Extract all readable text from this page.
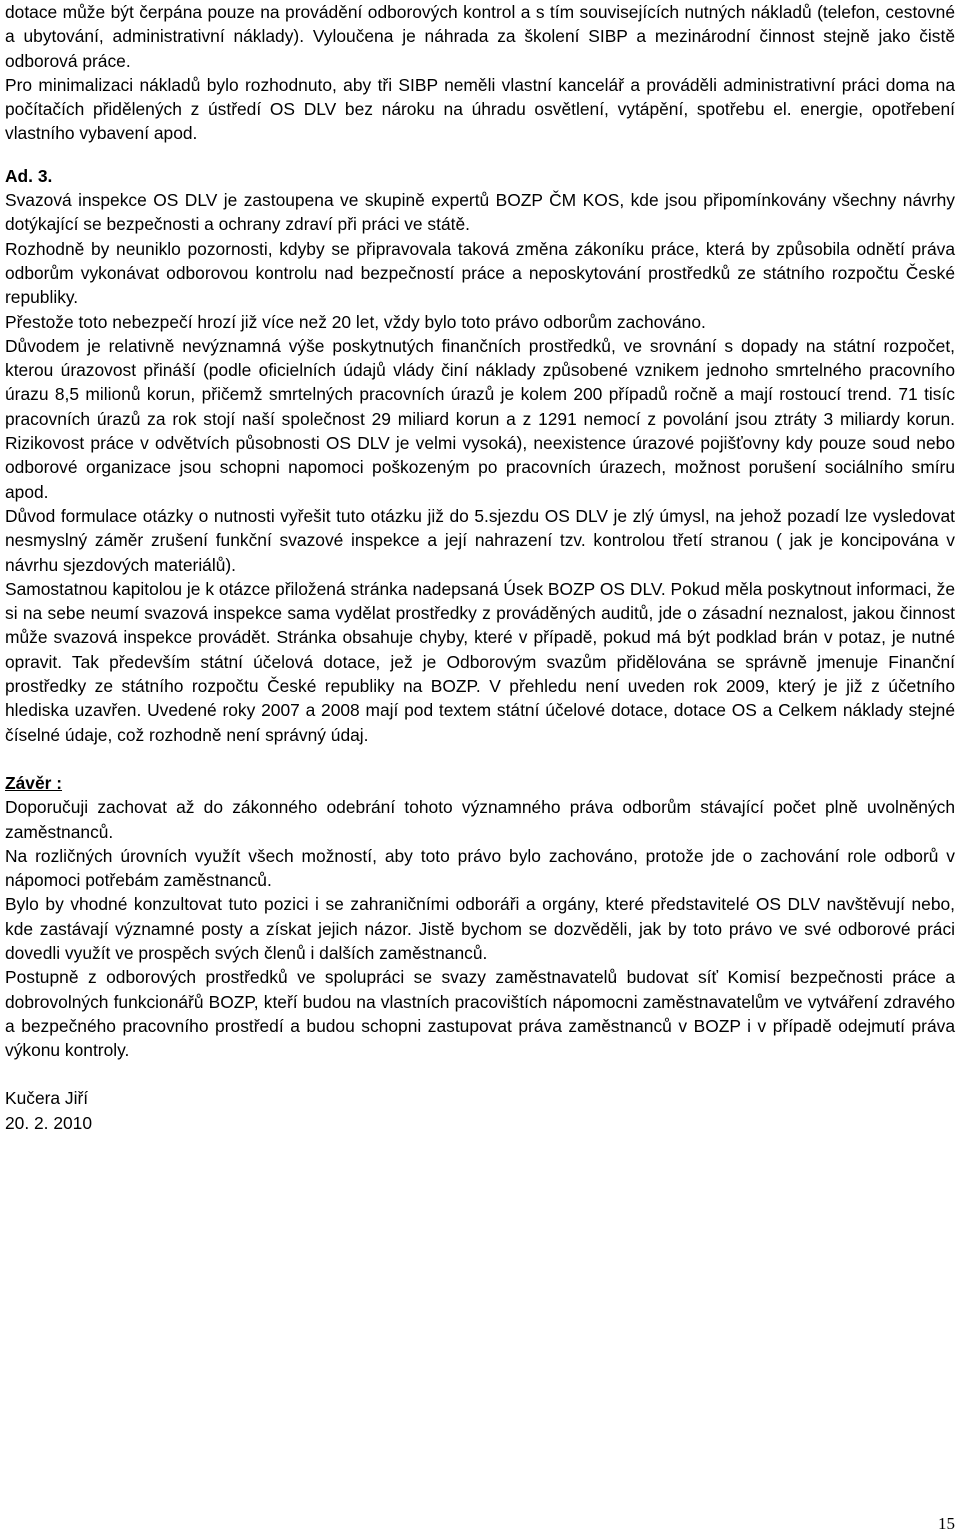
dotace může být čerpána pouze na provádění odborových kontrol a s tím souvisejících nutných nákladů (telefon, cestovné a ubytování, administrativní náklady). Vyloučena je náhrada za školení SIBP a mezinárodní činnost stejně jako čistě odborová práce.

Pro minimalizaci nákladů bylo rozhodnuto, aby tři SIBP neměli vlastní kancelář a prováděli administrativní práci doma na počítačích přidělených z ústředí OS DLV bez nároku na úhradu osvětlení, vytápění, spotřebu el. energie, opotřebení vlastního vybavení apod.

Ad. 3.

Svazová inspekce OS DLV je zastoupena ve skupině expertů BOZP ČM KOS, kde jsou připomínkovány všechny návrhy dotýkající se bezpečnosti a ochrany zdraví při práci ve státě.

Rozhodně by neuniklo pozornosti, kdyby se připravovala taková změna zákoníku práce, která by způsobila odnětí práva odborům vykonávat odborovou kontrolu nad bezpečností práce a neposkytování prostředků ze státního rozpočtu České republiky.

Přestože toto nebezpečí hrozí již více než 20 let, vždy bylo toto právo odborům zachováno.

Důvodem je relativně nevýznamná výše poskytnutých finančních prostředků, ve srovnání s dopady na státní rozpočet, kterou úrazovost přináší (podle oficielních údajů vlády činí náklady způsobené vznikem jednoho smrtelného pracovního úrazu 8,5 milionů korun, přičemž smrtelných pracovních úrazů je kolem 200 případů ročně a mají rostoucí trend. 71 tisíc pracovních úrazů za rok stojí naší společnost 29 miliard korun a z 1291 nemocí z povolání jsou ztráty 3 miliardy korun. Rizikovost práce v odvětvích působnosti OS DLV je velmi vysoká), neexistence úrazové pojišťovny kdy pouze soud nebo odborové organizace jsou schopni napomoci poškozeným po pracovních úrazech, možnost porušení sociálního smíru apod.

Důvod formulace otázky o nutnosti vyřešit tuto otázku již do 5.sjezdu OS DLV je zlý úmysl, na jehož pozadí lze vysledovat nesmyslný záměr zrušení funkční svazové inspekce a její nahrazení tzv. kontrolou třetí stranou ( jak je koncipována v návrhu sjezdových materiálů).

Samostatnou kapitolou je k otázce přiložená stránka nadepsaná Úsek BOZP OS DLV. Pokud měla poskytnout informaci, že si na sebe neumí svazová inspekce sama vydělat prostředky z prováděných auditů, jde o zásadní neznalost, jakou činnost může svazová inspekce provádět. Stránka obsahuje chyby, které v případě, pokud má být podklad brán v potaz, je nutné opravit. Tak především státní účelová dotace, jež je Odborovým svazům přidělována se správně jmenuje Finanční prostředky ze státního rozpočtu České republiky na BOZP. V přehledu není uveden rok 2009, který je již z účetního hlediska uzavřen. Uvedené roky 2007 a 2008 mají pod textem státní účelové dotace, dotace OS a Celkem náklady stejné číselné údaje, což rozhodně není správný údaj.

Závěr :

Doporučuji zachovat až do zákonného odebrání tohoto významného práva odborům stávající počet plně uvolněných zaměstnanců.

Na rozličných úrovních využít všech možností, aby toto právo bylo zachováno, protože jde o zachování role odborů v nápomoci potřebám zaměstnanců.

Bylo by vhodné konzultovat tuto pozici i se zahraničními odboráři a orgány, které představitelé OS DLV navštěvují nebo, kde zastávají významné posty a získat jejich názor. Jistě bychom se dozvěděli, jak by toto právo ve své odborové práci dovedli využít ve prospěch svých členů i dalších zaměstnanců.

Postupně z odborových prostředků ve spolupráci se svazy zaměstnavatelů budovat síť Komisí bezpečnosti práce a dobrovolných funkcionářů BOZP, kteří budou na vlastních pracovištích nápomocni zaměstnavatelům ve vytváření zdravého a bezpečného pracovního prostředí a budou schopni zastupovat práva zaměstnanců v BOZP i v případě odejmutí práva výkonu kontroly.

Kučera Jiří

20. 2. 2010

15
